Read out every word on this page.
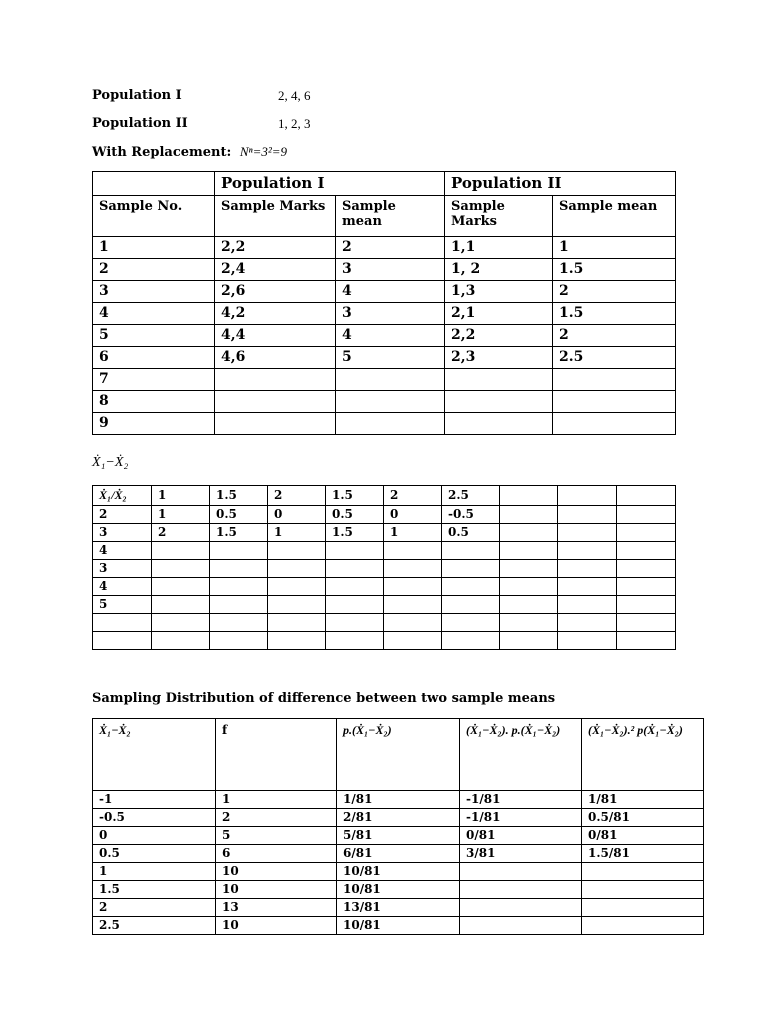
Population I	2, 4, 6
Population II	1, 2, 3
With Replacement: Nⁿ=3²=9
	Population I		Population II	
Sample No.	Sample Marks	Sample mean	Sample Marks	Sample mean
1	2,2	2	1,1	1
2	2,4	3	1, 2	1.5
3	2,6	4	1,3	2
4	4,2	3	2,1	1.5
5	4,4	4	2,2	2
6	4,6	5	2,3	2.5
7				
8				
9				
Ẋ₁−Ẋ₂
Ẋ₁/Ẋ₂	1	1.5	2	1.5	2	2.5			
2	1	0.5	0	0.5	0	-0.5			
3	2	1.5	1	1.5	1	0.5			
4									
3									
4									
5									

Sampling Distribution of difference between two sample means
Ẋ₁−Ẋ₂	f	p.(Ẋ₁−Ẋ₂)	(Ẋ₁−Ẋ₂). p.(Ẋ₁−Ẋ₂)	(Ẋ₁−Ẋ₂).² p(Ẋ₁−Ẋ₂)
-1	1	1/81	-1/81	1/81
-0.5	2	2/81	-1/81	0.5/81
0	5	5/81	0/81	0/81
0.5	6	6/81	3/81	1.5/81
1	10	10/81		
1.5	10	10/81		
2	13	13/81		
2.5	10	10/81		
